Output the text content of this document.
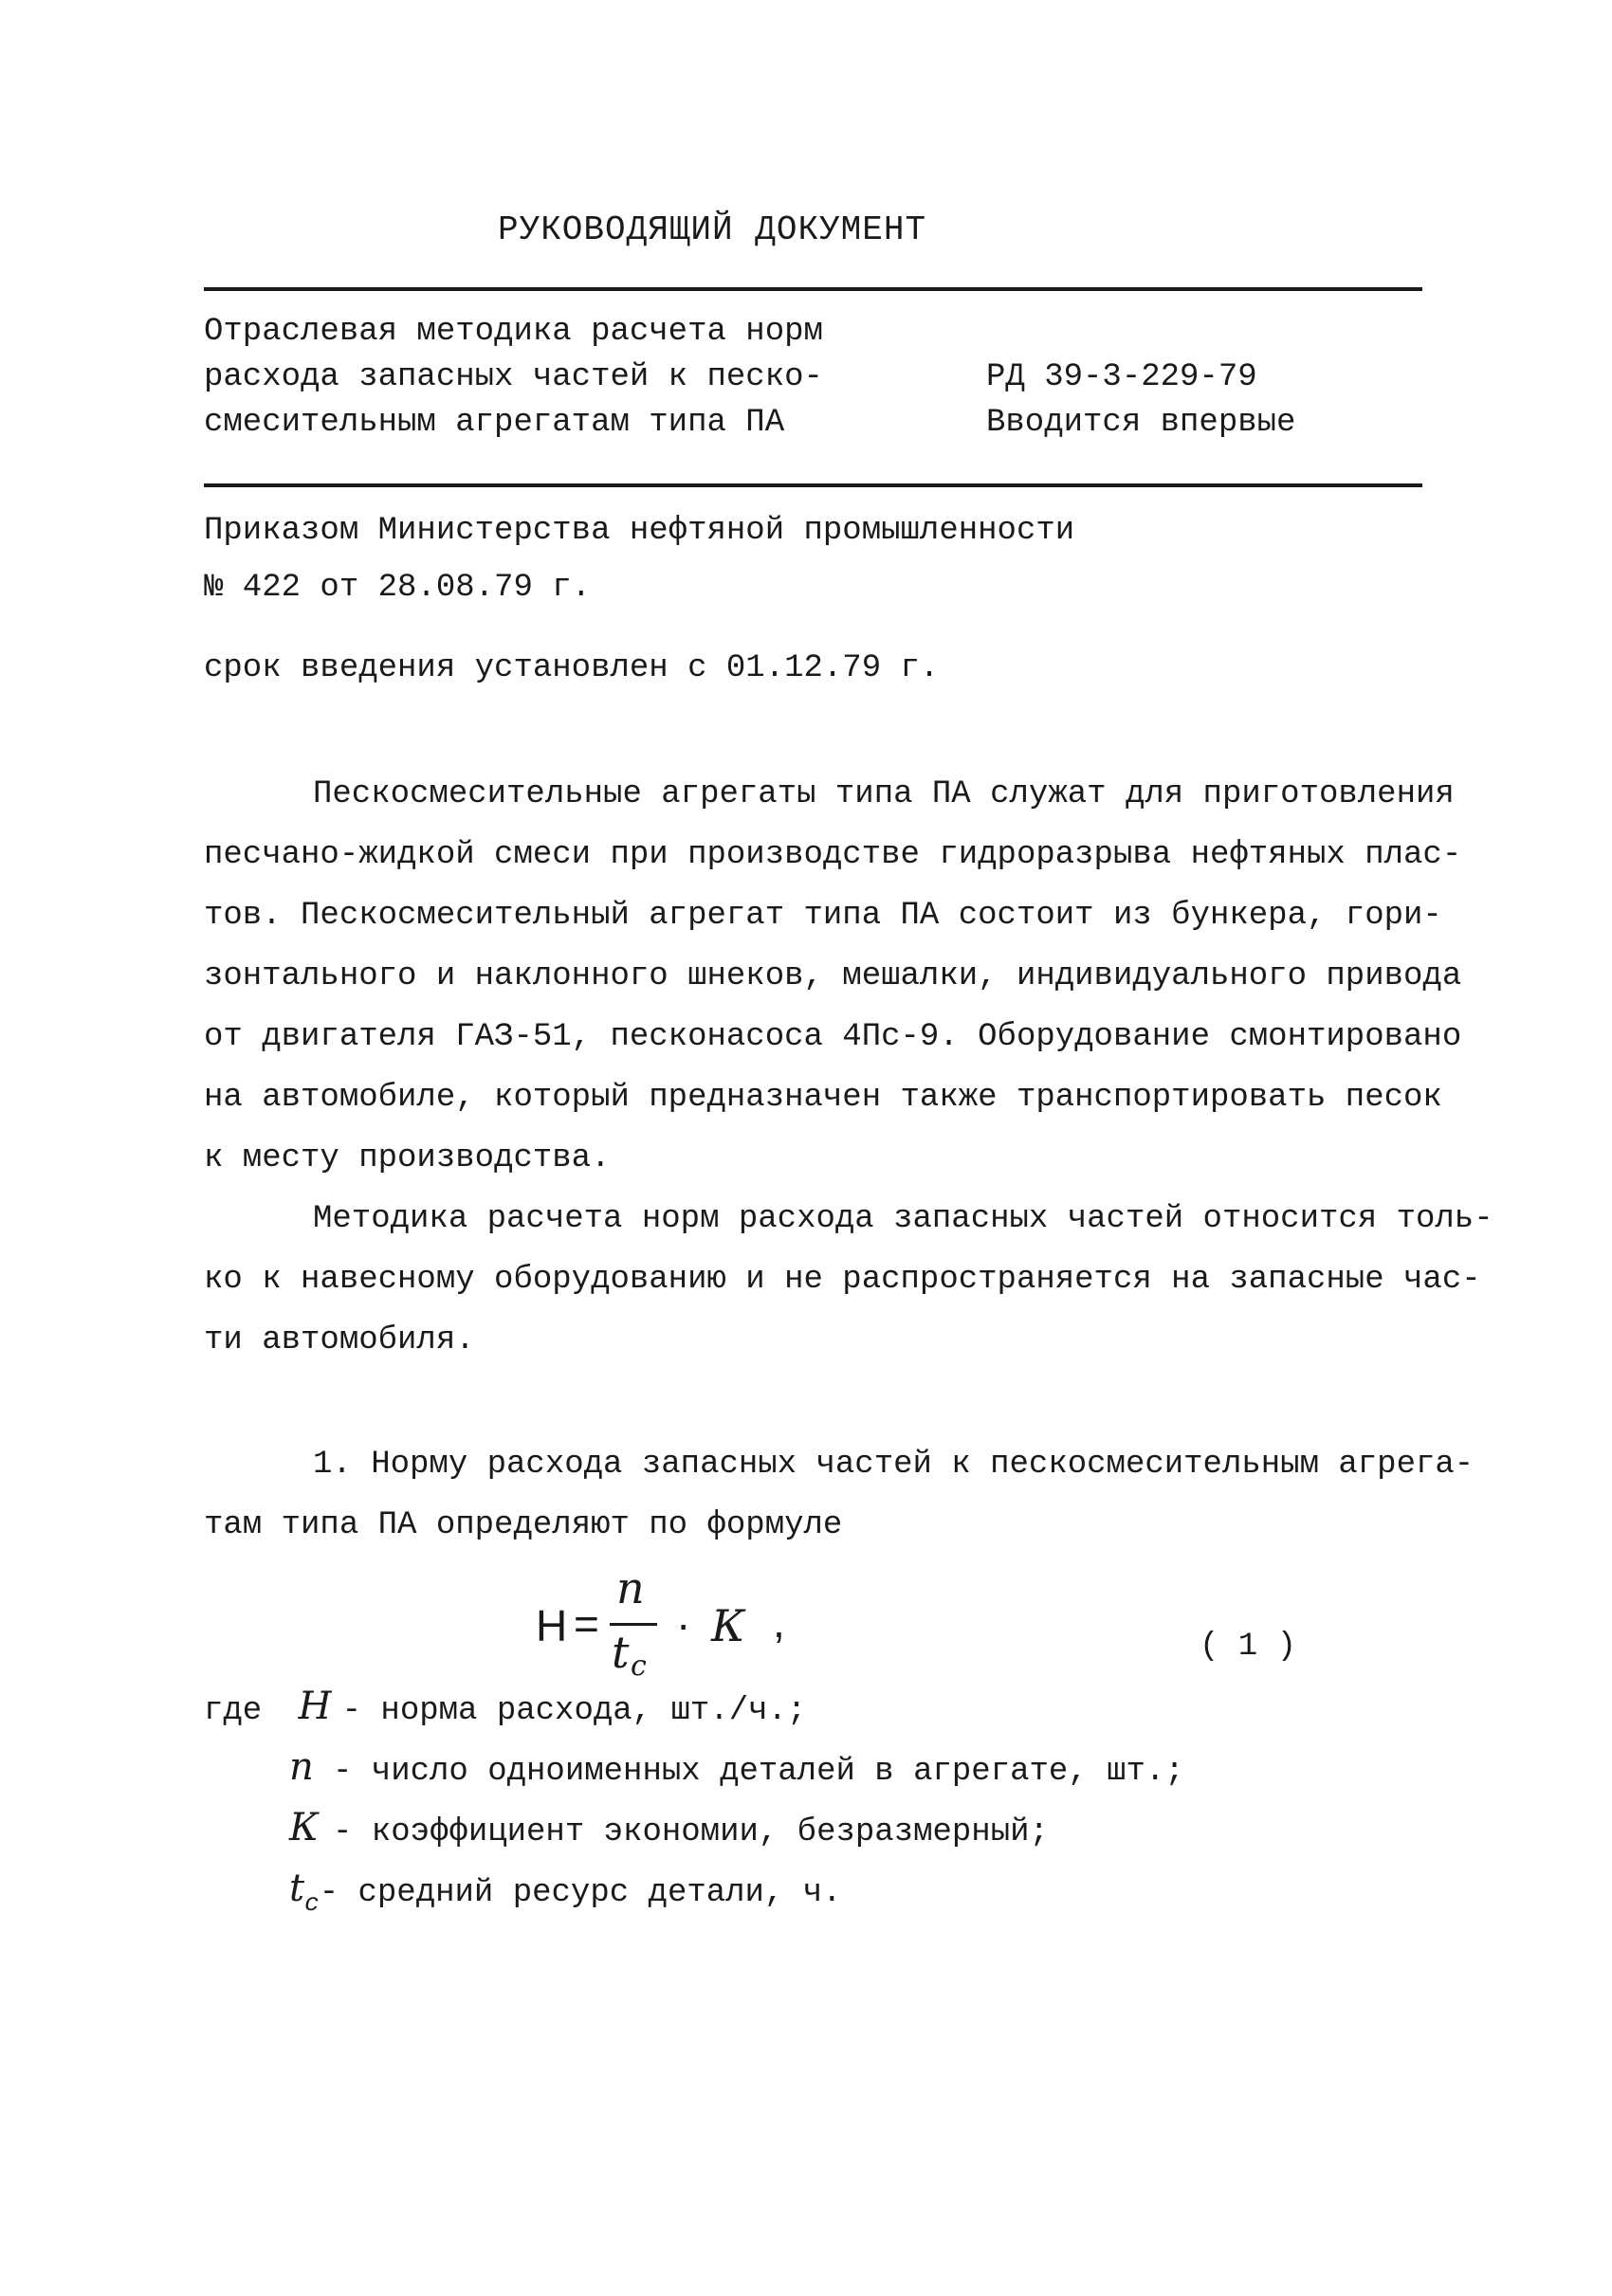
РУКОВОДЯЩИЙ ДОКУМЕНТ
Отраслевая методика расчета норм
расхода запасных частей к песко-
смесительным агрегатам типа ПА
РД 39-3-229-79
Вводится впервые
Приказом Министерства нефтяной промышленности
№ 422 от 28.08.79 г.
срок введения установлен с 01.12.79 г.
Пескосмесительные агрегаты типа ПА служат для приготовления
песчано-жидкой смеси при производстве гидроразрыва нефтяных плас-
тов. Пескосмесительный агрегат типа ПА состоит из бункера, гори-
зонтального и наклонного шнеков, мешалки, индивидуального привода
от двигателя ГАЗ-51, песконасоса 4Пс-9. Оборудование смонтировано
на автомобиле, который предназначен также транспортировать песок
к месту производства.
Методика расчета норм расхода запасных частей относится толь-
ко к навесному оборудованию и не распространяется на запасные час-
ти автомобиля.
1. Норму расхода запасных частей к пескосмесительным агрега-
там типа ПА определяют по формуле
Н =
n
t c
· К ,	( 1 )
где Н - норма расхода, шт./ч.;
n - число одноименных деталей в агрегате, шт.;
К - коэффициент экономии, безразмерный;
$t_c-$ средний ресурс детали, ч.
